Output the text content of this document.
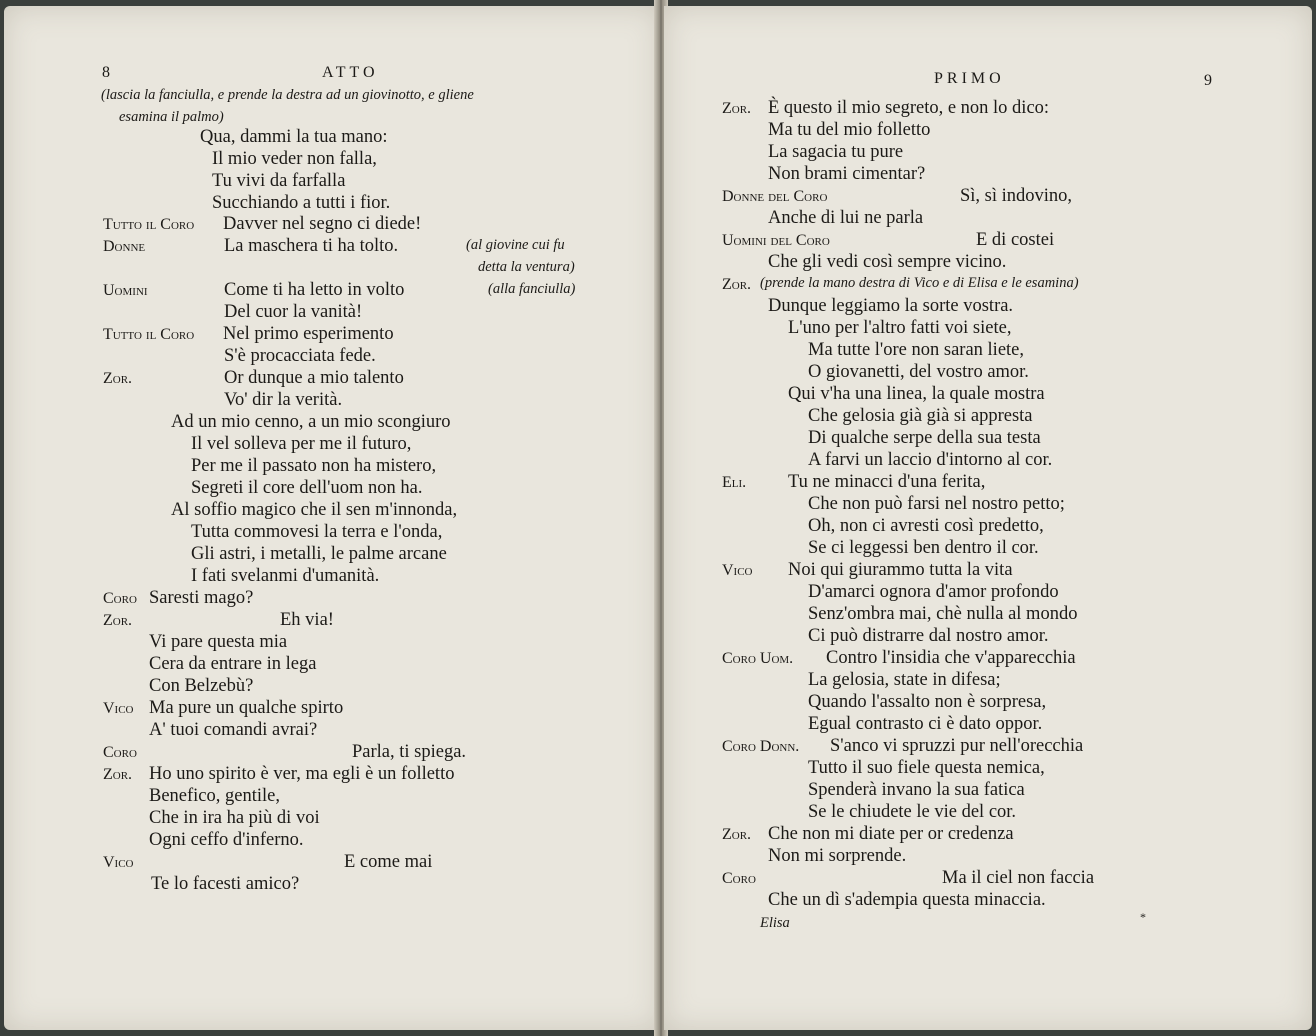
8	ATTO
(lascia la fanciulla, e prende la destra ad un giovinotto, e gliene
esamina il palmo)
Qua, dammi la tua mano:
Il mio veder non falla,
Tu vivi da farfalla
Succhiando a tutti i fior.
Tutto il Coro Davver nel segno ci diede!
Donne	La maschera ti ha tolto.	(al giovine cui fu
detta la ventura)
Uomini	Come ti ha letto in volto	(alla fanciulla)
Del cuor la vanità!
Tutto il Coro Nel primo esperimento
S'è procacciata fede.
Zor.	Or dunque a mio talento
Vo' dir la verità.
Ad un mio cenno, a un mio scongiuro
Il vel solleva per me il futuro,
Per me il passato non ha mistero,
Segreti il core dell'uom non ha.
Al soffio magico che il sen m'innonda,
Tutta commovesi la terra e l'onda,
Gli astri, i metalli, le palme arcane
I fati svelanmi d'umanità.
Coro Saresti mago?
Zor.	Eh via!
Vi pare questa mia
Cera da entrare in lega
Con Belzebù?
Vico Ma pure un qualche spirto
A' tuoi comandi avrai?
Coro	Parla, ti spiega.
Zor. Ho uno spirito è ver, ma egli è un folletto
Benefico, gentile,
Che in ira ha più di voi
Ogni ceffo d'inferno.
Vico	E come mai
Te lo facesti amico?
PRIMO	9
Zor. È questo il mio segreto, e non lo dico:
Ma tu del mio folletto
La sagacia tu pure
Non brami cimentar?
Donne del Coro	Sì, sì indovino,
Anche di lui ne parla
Uomini del Coro	E di costei
Che gli vedi così sempre vicino.
Zor. (prende la mano destra di Vico e di Elisa e le esamina)
Dunque leggiamo la sorte vostra.
L'uno per l'altro fatti voi siete,
Ma tutte l'ore non saran liete,
O giovanetti, del vostro amor.
Qui v'ha una linea, la quale mostra
Che gelosia già già si appresta
Di qualche serpe della sua testa
A farvi un laccio d'intorno al cor.
Eli. Tu ne minacci d'una ferita,
Che non può farsi nel nostro petto;
Oh, non ci avresti così predetto,
Se ci leggessi ben dentro il cor.
Vico Noi qui giurammo tutta la vita
D'amarci ognora d'amor profondo
Senz'ombra mai, chè nulla al mondo
Ci può distrarre dal nostro amor.
Coro Uom. Contro l'insidia che v'apparecchia
La gelosia, state in difesa;
Quando l'assalto non è sorpresa,
Egual contrasto ci è dato oppor.
Coro Donn. S'anco vi spruzzi pur nell'orecchia
Tutto il suo fiele questa nemica,
Spenderà invano la sua fatica
Se le chiudete le vie del cor.
Zor. Che non mi diate per or credenza
Non mi sorprende.
Coro	Ma il ciel non faccia
Che un dì s'adempia questa minaccia.
Elisa	*
